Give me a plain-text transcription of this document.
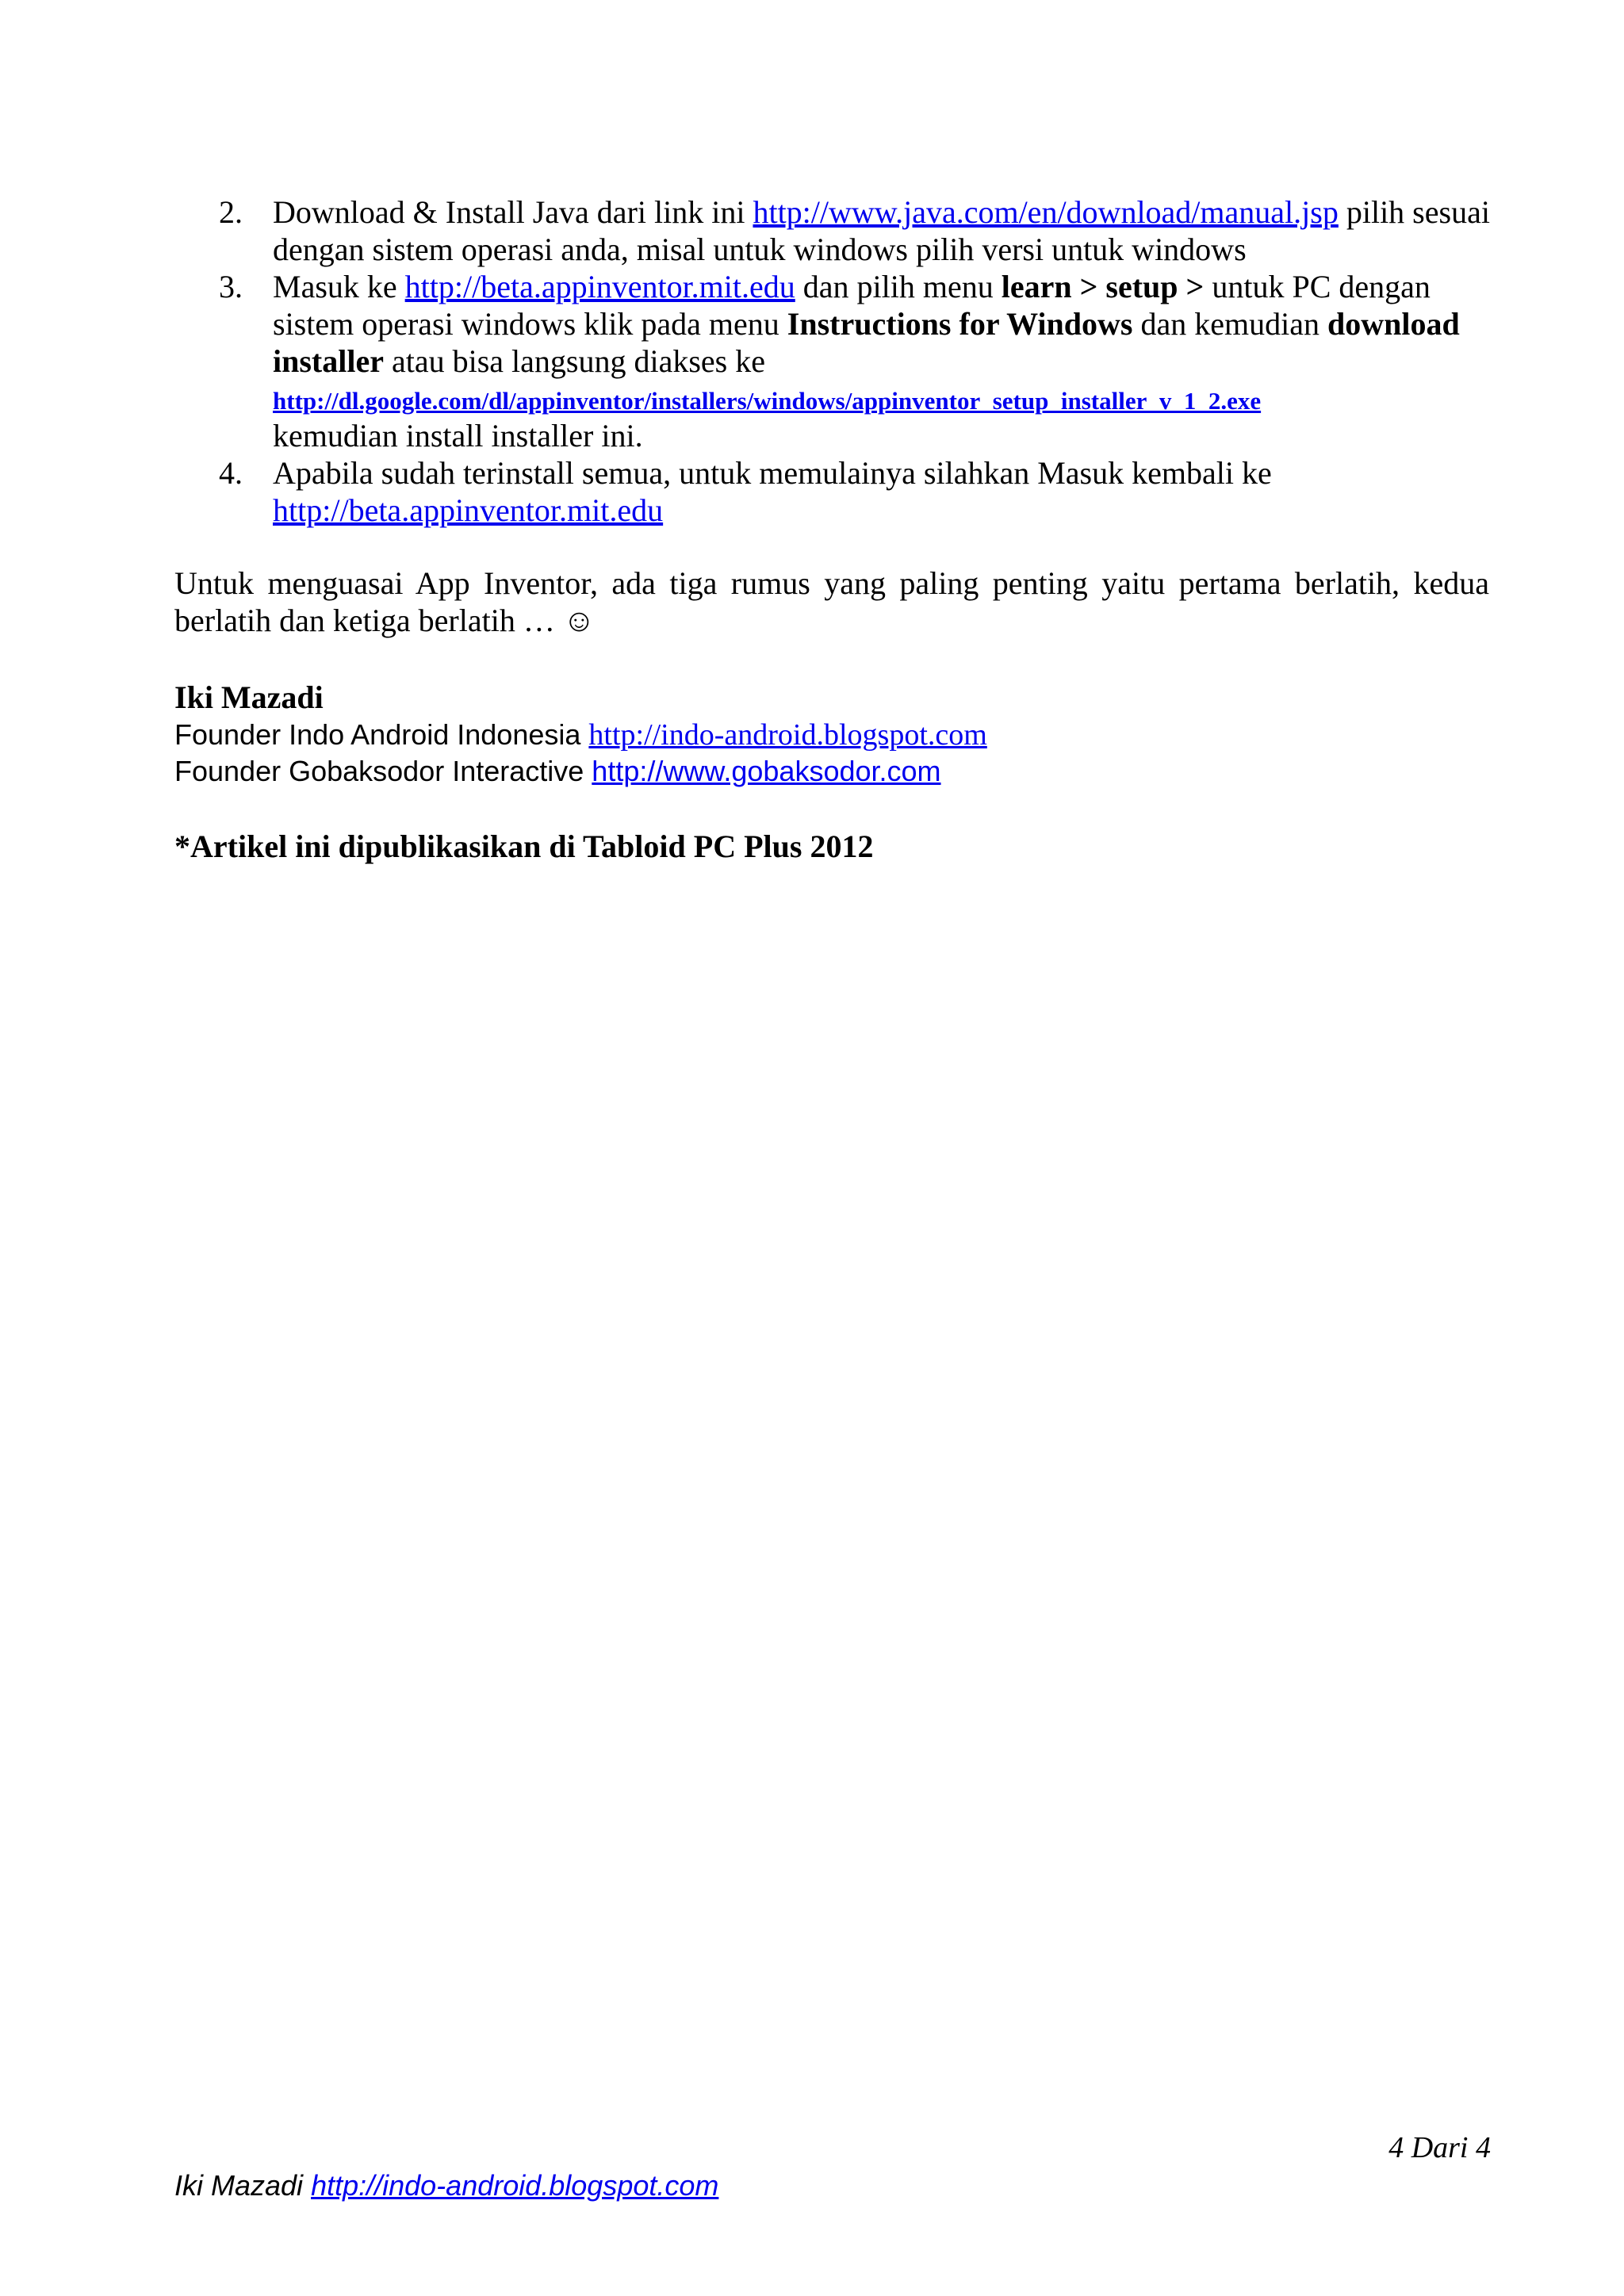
2. Download & Install Java dari link ini http://www.java.com/en/download/manual.jsp pilih sesuai dengan sistem operasi anda, misal untuk windows pilih versi untuk windows
3. Masuk ke http://beta.appinventor.mit.edu dan pilih menu learn > setup > untuk PC dengan sistem operasi windows klik pada menu Instructions for Windows dan kemudian download installer atau bisa langsung diakses ke
http://dl.google.com/dl/appinventor/installers/windows/appinventor_setup_installer_v_1_2.exe
kemudian install installer ini.
4. Apabila sudah terinstall semua, untuk memulainya silahkan Masuk kembali ke
http://beta.appinventor.mit.edu

Untuk menguasai App Inventor, ada tiga rumus yang paling penting yaitu pertama berlatih, kedua berlatih dan ketiga berlatih … ☺

Iki Mazadi
Founder Indo Android Indonesia http://indo-android.blogspot.com
Founder Gobaksodor Interactive http://www.gobaksodor.com
*Artikel ini dipublikasikan di Tabloid PC Plus 2012
4 Dari 4
Iki Mazadi http://indo-android.blogspot.com
